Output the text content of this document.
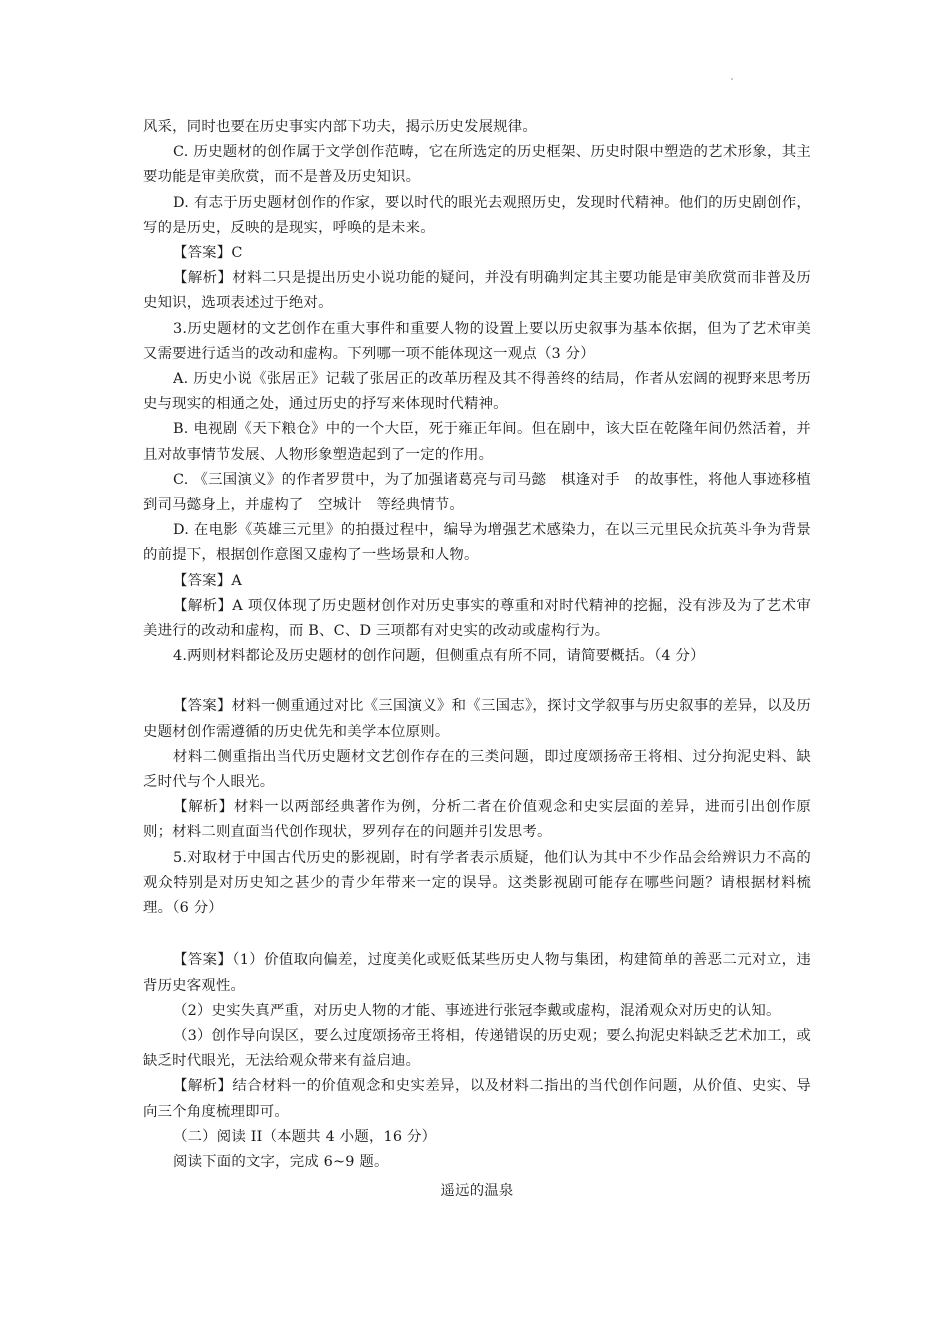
风采，同时也要在历史事实内部下功夫，揭示历史发展规律。

C. 历史题材的创作属于文学创作范畴，它在所选定的历史框架、历史时限中塑造的艺术形象，其主要功能是审美欣赏，而不是普及历史知识。

D. 有志于历史题材创作的作家，要以时代的眼光去观照历史，发现时代精神。他们的历史剧创作，写的是历史，反映的是现实，呼唤的是未来。

【答案】C

【解析】材料二只是提出历史小说功能的疑问，并没有明确判定其主要功能是审美欣赏而非普及历史知识，选项表述过于绝对。

3.历史题材的文艺创作在重大事件和重要人物的设置上要以历史叙事为基本依据，但为了艺术审美又需要进行适当的改动和虚构。下列哪一项不能体现这一观点（3 分）

A. 历史小说《张居正》记载了张居正的改革历程及其不得善终的结局，作者从宏阔的视野来思考历史与现实的相通之处，通过历史的抒写来体现时代精神。

B. 电视剧《天下粮仓》中的一个大臣，死于雍正年间。但在剧中，该大臣在乾隆年间仍然活着，并且对故事情节发展、人物形象塑造起到了一定的作用。

C. 《三国演义》的作者罗贯中，为了加强诸葛亮与司马懿　棋逢对手　的故事性，将他人事迹移植到司马懿身上，并虚构了　空城计　等经典情节。

D. 在电影《英雄三元里》的拍摄过程中，编导为增强艺术感染力，在以三元里民众抗英斗争为背景的前提下，根据创作意图又虚构了一些场景和人物。

【答案】A

【解析】A 项仅体现了历史题材创作对历史事实的尊重和对时代精神的挖掘，没有涉及为了艺术审美进行的改动和虚构，而 B、C、D 三项都有对史实的改动或虚构行为。

4.两则材料都论及历史题材的创作问题，但侧重点有所不同，请简要概括。（4 分）

【答案】材料一侧重通过对比《三国演义》和《三国志》，探讨文学叙事与历史叙事的差异，以及历史题材创作需遵循的历史优先和美学本位原则。

材料二侧重指出当代历史题材文艺创作存在的三类问题，即过度颂扬帝王将相、过分拘泥史料、缺乏时代与个人眼光。

【解析】材料一以两部经典著作为例，分析二者在价值观念和史实层面的差异，进而引出创作原则；材料二则直面当代创作现状，罗列存在的问题并引发思考。

5.对取材于中国古代历史的影视剧，时有学者表示质疑，他们认为其中不少作品会给辨识力不高的观众特别是对历史知之甚少的青少年带来一定的误导。这类影视剧可能存在哪些问题？请根据材料梳理。（6 分）

【答案】（1）价值取向偏差，过度美化或贬低某些历史人物与集团，构建简单的善恶二元对立，违背历史客观性。

（2）史实失真严重，对历史人物的才能、事迹进行张冠李戴或虚构，混淆观众对历史的认知。

（3）创作导向误区，要么过度颂扬帝王将相，传递错误的历史观；要么拘泥史料缺乏艺术加工，或缺乏时代眼光，无法给观众带来有益启迪。

【解析】结合材料一的价值观念和史实差异，以及材料二指出的当代创作问题，从价值、史实、导向三个角度梳理即可。

（二）阅读 II（本题共 4 小题，16 分）

阅读下面的文字，完成 6~9 题。

遥远的温泉
